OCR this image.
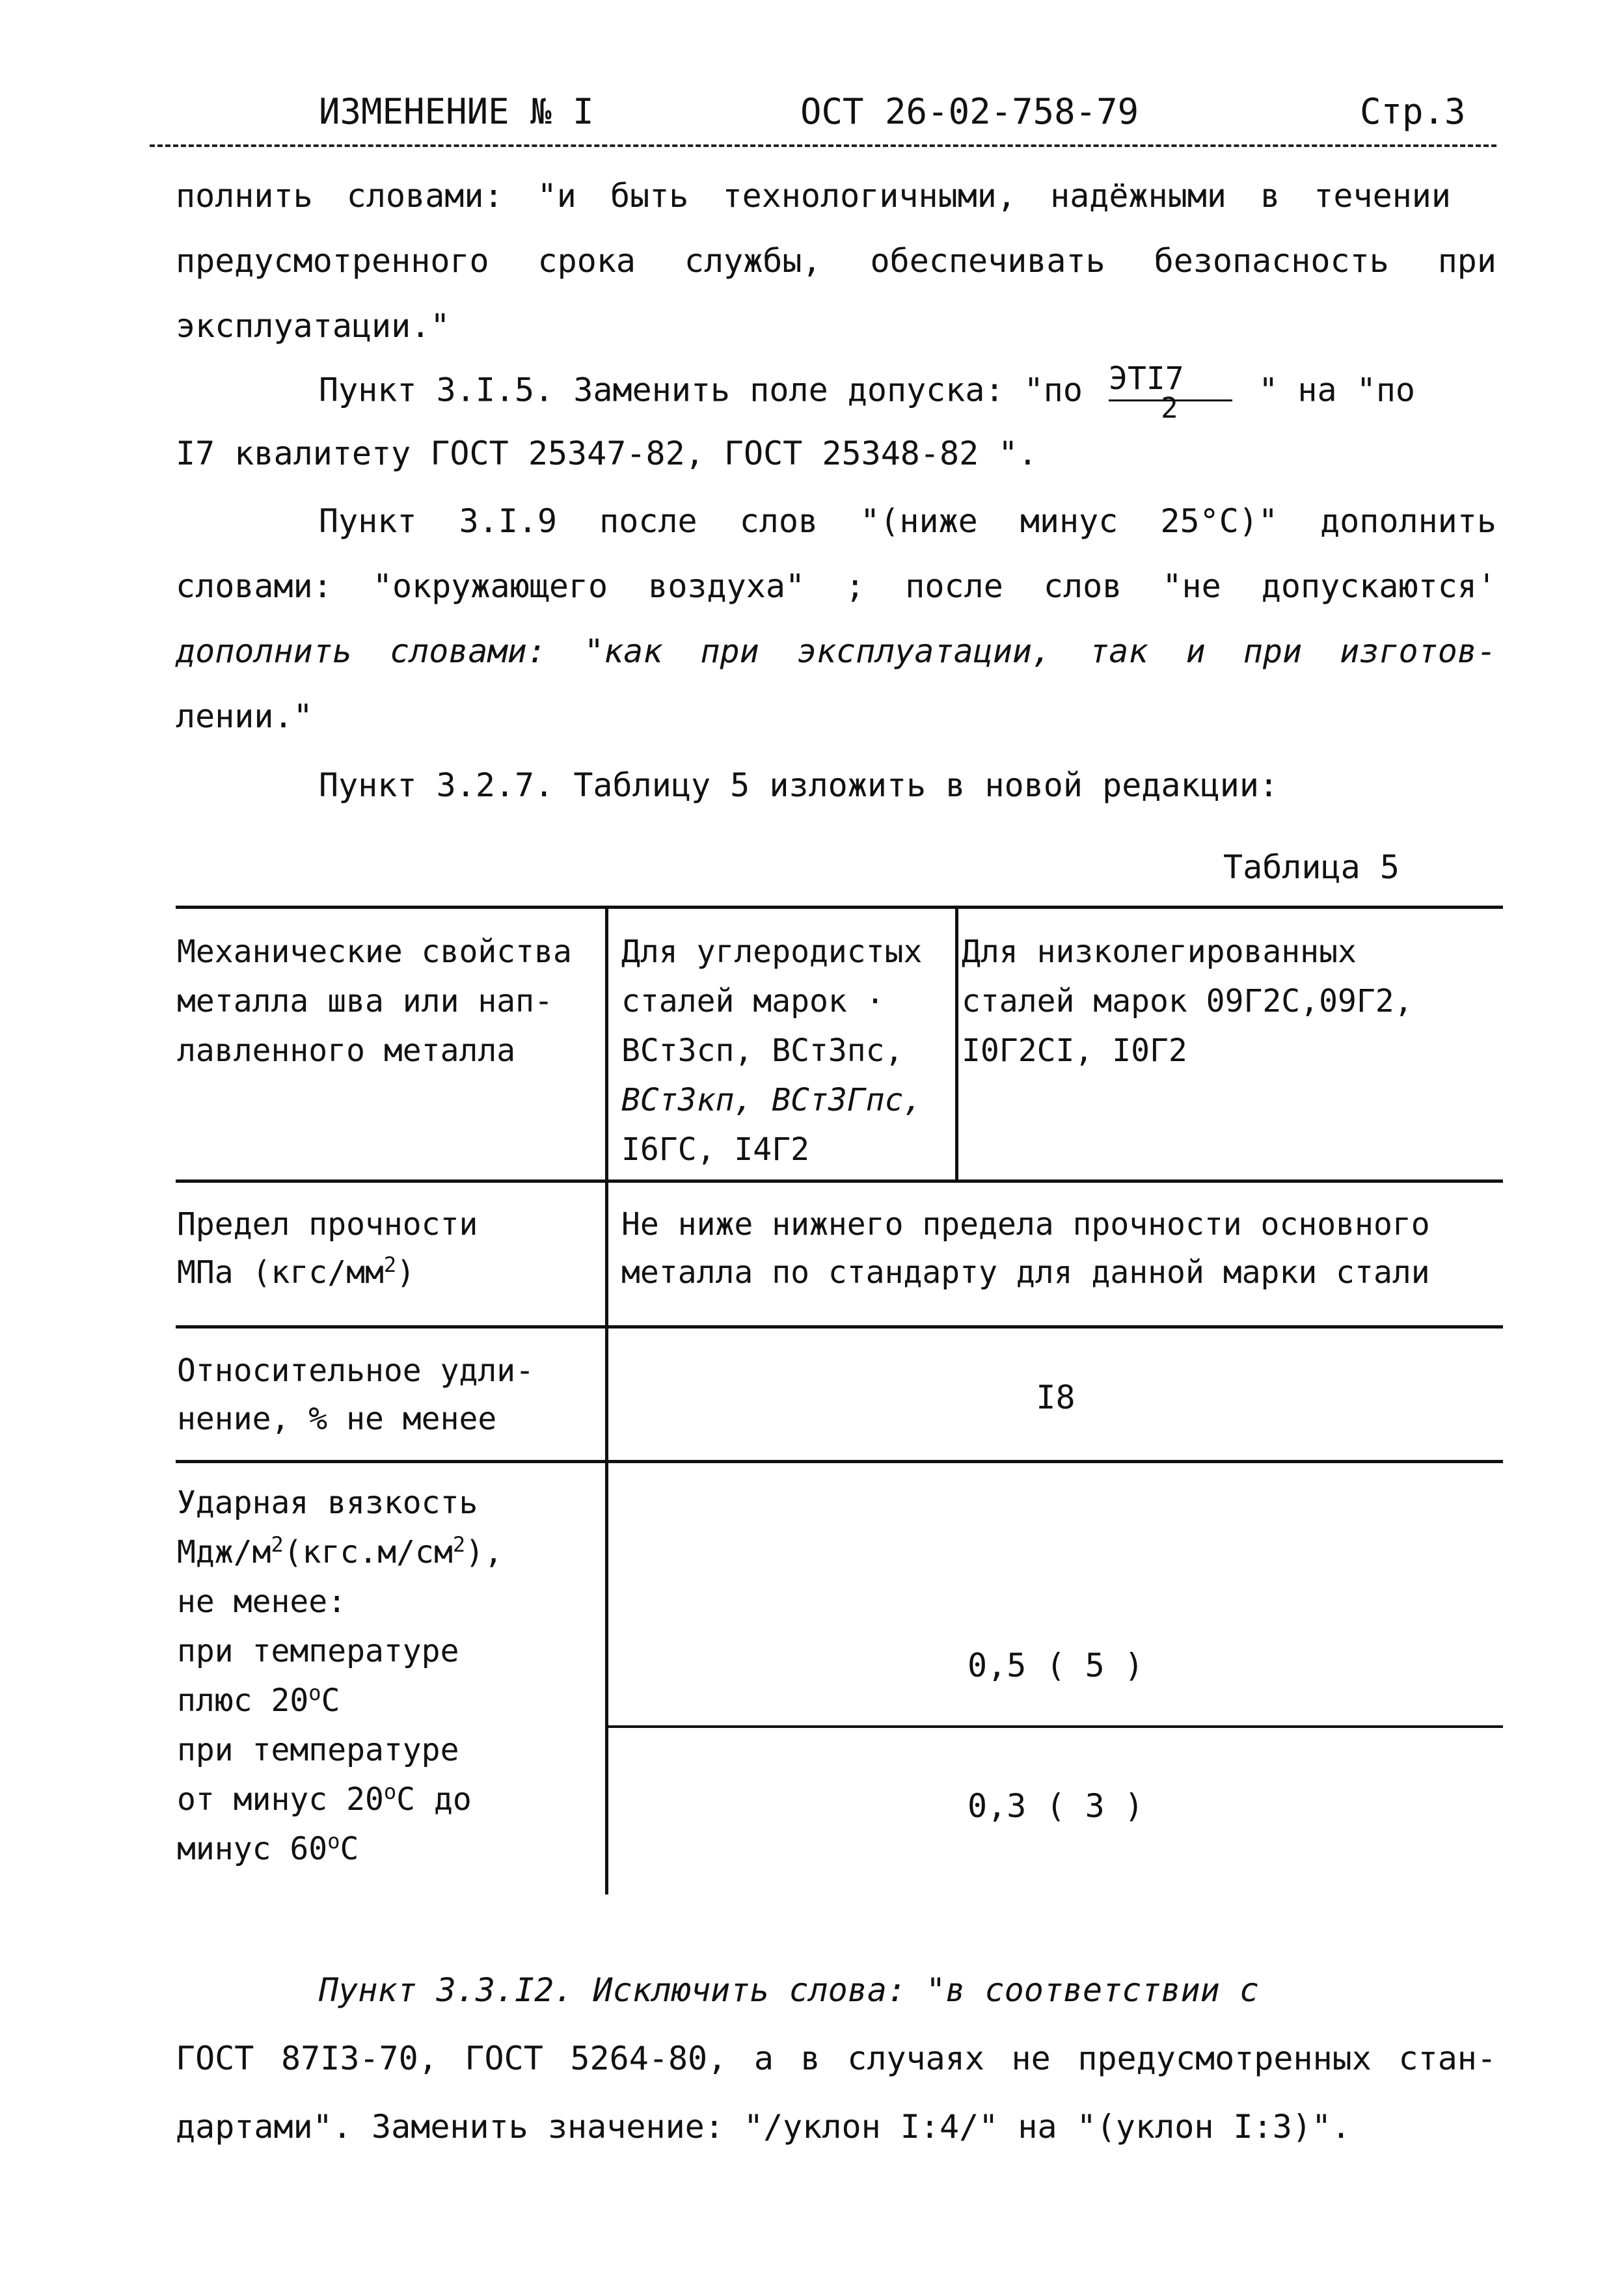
ИЗМЕНЕНИЕ № I	ОСТ 26-02-758-79	Стр.3
полнить словами: "и быть технологичными, надёжными в течении
предусмотренного срока службы, обеспечивать безопасность при
эксплуатации."
Пункт 3.I.5. Заменить поле допуска: "по $\frac{\text{ЭТI7}}{2}$ " на "по
I7 квалитету ГОСТ 25347-82, ГОСТ 25348-82 ".
Пункт 3.I.9 после слов "(ниже минус 25°С)" дополнить
словами: "окружающего воздуха" ; после слов "не допускаются'
дополнить словами: "как при эксплуатации, так и при изготов-
лении."
Пункт 3.2.7. Таблицу 5 изложить в новой редакции:
Таблица 5
Механические свойства
металла шва или нап-
лавленного металла
Для углеродистых
сталей марок ·
ВСт3сп, ВСт3пс,
ВСт3кп, ВСт3Гпс,
I6ГС, I4Г2
Для низколегированных
сталей марок 09Г2С,09Г2,
I0Г2СI, I0Г2
Предел прочности
МПа $(кгс/мм^2)$
Не ниже нижнего предела прочности основного
металла по стандарту для данной марки стали
Относительное удли-
нение, % не менее
I8
Ударная вязкость
Мдж/$м^2(кгс.м/см^2)$,
не менее:
при температуре
плюс $20^оС$
при температуре
от минус $20^оС$ до
минус $60^оС$
0,5 ( 5 )
0,3 ( 3 )
Пункт 3.3.I2. Исключить слова: "в соответствии с
ГОСТ 87I3-70, ГОСТ 5264-80, а в случаях не предусмотренных стан-
дартами". Заменить значение: "/уклон I:4/" на "(уклон I:3)".
